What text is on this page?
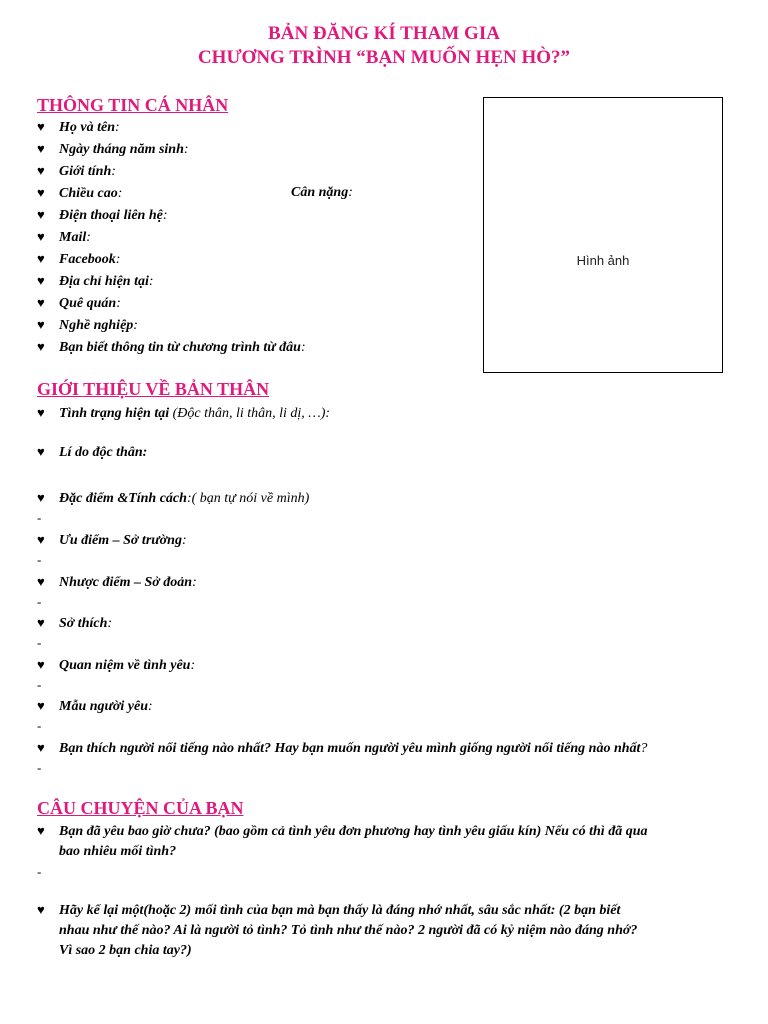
BẢN ĐĂNG KÍ THAM GIA
CHƯƠNG TRÌNH “BẠN MUỐN HẸN HÒ?”
Hình ảnh
THÔNG TIN CÁ NHÂN
♥ Họ và tên:
♥ Ngày tháng năm sinh:
♥ Giới tính:
♥ Chiều cao:	Cân nặng:
♥ Điện thoại liên hệ:
♥ Mail:
♥ Facebook:
♥ Địa chỉ hiện tại:
♥ Quê quán:
♥ Nghề nghiệp:
♥ Bạn biết thông tin từ chương trình từ đâu:
GIỚI THIỆU VỀ BẢN THÂN
♥ Tình trạng hiện tại (Độc thân, li thân, li dị, …):
♥ Lí do độc thân:
♥ Đặc điểm &Tính cách:( bạn tự nói về mình)
-
♥ Ưu điểm – Sở trường:
-
♥ Nhược điểm – Sở đoản:
-
♥ Sở thích:
-
♥ Quan niệm về tình yêu:
-
♥ Mẫu người yêu:
-
♥ Bạn thích người nổi tiếng nào nhất? Hay bạn muốn người yêu mình giống người nổi tiếng nào nhất?
-
CÂU CHUYỆN CỦA BẠN
♥ Bạn đã yêu bao giờ chưa? (bao gồm cả tình yêu đơn phương hay tình yêu giấu kín) Nếu có thì đã qua
bao nhiêu mối tình?
-
♥ Hãy kể lại một(hoặc 2) mối tình của bạn mà bạn thấy là đáng nhớ nhất, sâu sắc nhất: (2 bạn biết
nhau như thế nào? Ai là người tỏ tình? Tỏ tình như thế nào? 2 người đã có kỷ niệm nào đáng nhớ?
Vì sao 2 bạn chia tay?)
